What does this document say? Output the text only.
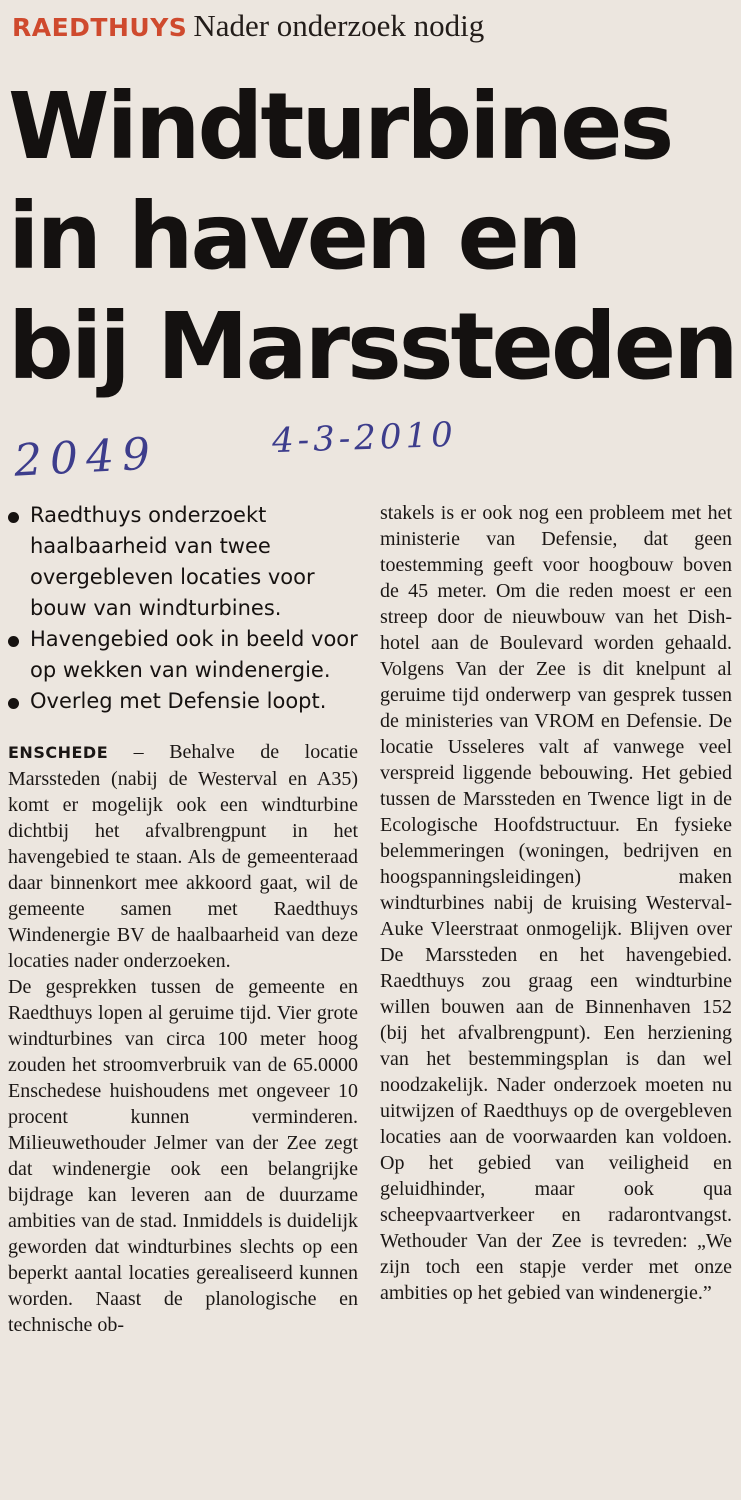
RAEDTHUYS Nader onderzoek nodig
Windturbines
in haven en
bij Marssteden
2049	4-3-2010
Raedthuys onderzoekt haalbaarheid van twee overgebleven locaties voor bouw van windturbines.
Havengebied ook in beeld voor op wekken van windenergie.
Overleg met Defensie loopt.

ENSCHEDE – Behalve de locatie Marssteden (nabij de Westerval en A35) komt er mogelijk ook een windturbine dichtbij het afvalbrengpunt in het havengebied te staan. Als de gemeenteraad daar binnenkort mee akkoord gaat, wil de gemeente samen met Raedthuys Windenergie BV de haalbaarheid van deze locaties nader onderzoeken.

De gesprekken tussen de gemeente en Raedthuys lopen al geruime tijd. Vier grote windturbines van circa 100 meter hoog zouden het stroomverbruik van de 65.0000 Enschedese huishoudens met ongeveer 10 procent kunnen verminderen. Milieuwethouder Jelmer van der Zee zegt dat windenergie ook een belangrijke bijdrage kan leveren aan de duurzame ambities van de stad. Inmiddels is duidelijk geworden dat windturbines slechts op een beperkt aantal locaties gerealiseerd kunnen worden. Naast de planologische en technische ob-

stakels is er ook nog een probleem met het ministerie van Defensie, dat geen toestemming geeft voor hoogbouw boven de 45 meter. Om die reden moest er een streep door de nieuwbouw van het Dish-hotel aan de Boulevard worden gehaald. Volgens Van der Zee is dit knelpunt al geruime tijd onderwerp van gesprek tussen de ministeries van VROM en Defensie. De locatie Usseleres valt af vanwege veel verspreid liggende bebouwing. Het gebied tussen de Marssteden en Twence ligt in de Ecologische Hoofdstructuur. En fysieke belemmeringen (woningen, bedrijven en hoogspanningsleidingen) maken windturbines nabij de kruising Westerval-Auke Vleerstraat onmogelijk. Blijven over De Marssteden en het havengebied. Raedthuys zou graag een windturbine willen bouwen aan de Binnenhaven 152 (bij het afvalbrengpunt). Een herziening van het bestemmingsplan is dan wel noodzakelijk. Nader onderzoek moeten nu uitwijzen of Raedthuys op de overgebleven locaties aan de voorwaarden kan voldoen. Op het gebied van veiligheid en geluidhinder, maar ook qua scheepvaartverkeer en radarontvangst. Wethouder Van der Zee is tevreden: „We zijn toch een stapje verder met onze ambities op het gebied van windenergie.”
